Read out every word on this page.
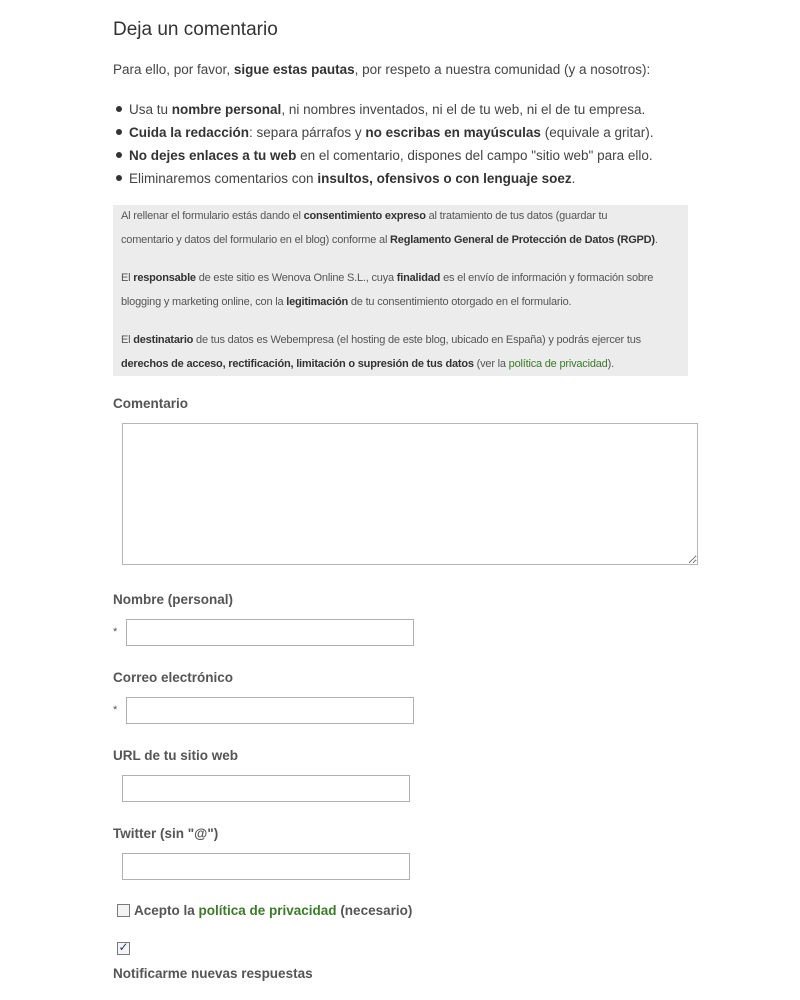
Deja un comentario

Para ello, por favor, sigue estas pautas, por respeto a nuestra comunidad (y a nosotros):

Usa tu nombre personal, ni nombres inventados, ni el de tu web, ni el de tu empresa.
Cuida la redacción: separa párrafos y no escribas en mayúsculas (equivale a gritar).
No dejes enlaces a tu web en el comentario, dispones del campo "sitio web" para ello.
Eliminaremos comentarios con insultos, ofensivos o con lenguaje soez.

Al rellenar el formulario estás dando el consentimiento expreso al tratamiento de tus datos (guardar tu
comentario y datos del formulario en el blog) conforme al Reglamento General de Protección de Datos (RGPD).

El responsable de este sitio es Wenova Online S.L., cuya finalidad es el envío de información y formación sobre
blogging y marketing online, con la legitimación de tu consentimiento otorgado en el formulario.

El destinatario de tus datos es Webempresa (el hosting de este blog, ubicado en España) y podrás ejercer tus
derechos de acceso, rectificación, limitación o supresión de tus datos (ver la política de privacidad).

Comentario
Nombre (personal)
*
Correo electrónico
*
URL de tu sitio web
Twitter (sin "@")
Acepto la política de privacidad (necesario)
✓
Notificarme nuevas respuestas
